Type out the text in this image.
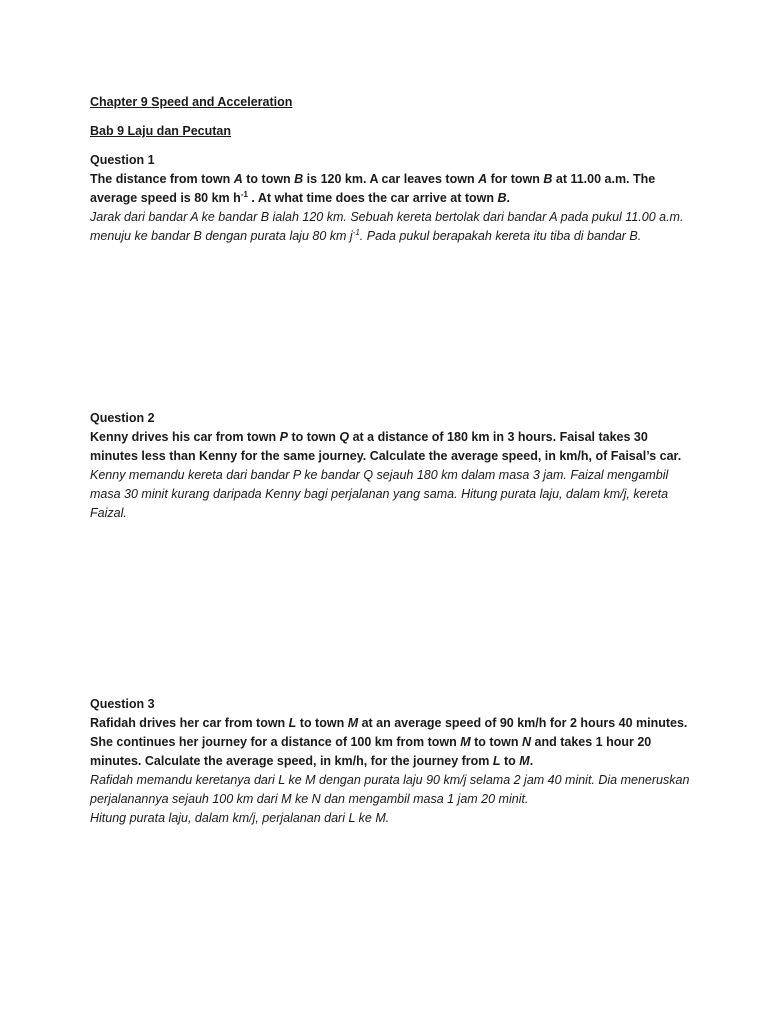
Chapter 9 Speed and Acceleration

Bab 9 Laju dan Pecutan

Question 1

The distance from town A to town B is 120 km. A car leaves town A for town B at 11.00 a.m. The average speed is 80 km $h^{-1}$ . At what time does the car arrive at town B.

Jarak dari bandar A ke bandar B ialah 120 km. Sebuah kereta bertolak dari bandar A pada pukul 11.00 a.m. menuju ke bandar B dengan purata laju 80 km $j^{-1}$. Pada pukul berapakah kereta itu tiba di bandar B.

Question 2

Kenny drives his car from town P to town Q at a distance of 180 km in 3 hours. Faisal takes 30 minutes less than Kenny for the same journey. Calculate the average speed, in km/h, of Faisal’s car.

Kenny memandu kereta dari bandar P ke bandar Q sejauh 180 km dalam masa 3 jam. Faizal mengambil masa 30 minit kurang daripada Kenny bagi perjalanan yang sama. Hitung purata laju, dalam km/j, kereta Faizal.

Question 3

Rafidah drives her car from town L to town M at an average speed of 90 km/h for 2 hours 40 minutes. She continues her journey for a distance of 100 km from town M to town N and takes 1 hour 20 minutes. Calculate the average speed, in km/h, for the journey from L to M.

Rafidah memandu keretanya dari L ke M dengan purata laju 90 km/j selama 2 jam 40 minit. Dia meneruskan perjalanannya sejauh 100 km dari M ke N dan mengambil masa 1 jam 20 minit.

Hitung purata laju, dalam km/j, perjalanan dari L ke M.
